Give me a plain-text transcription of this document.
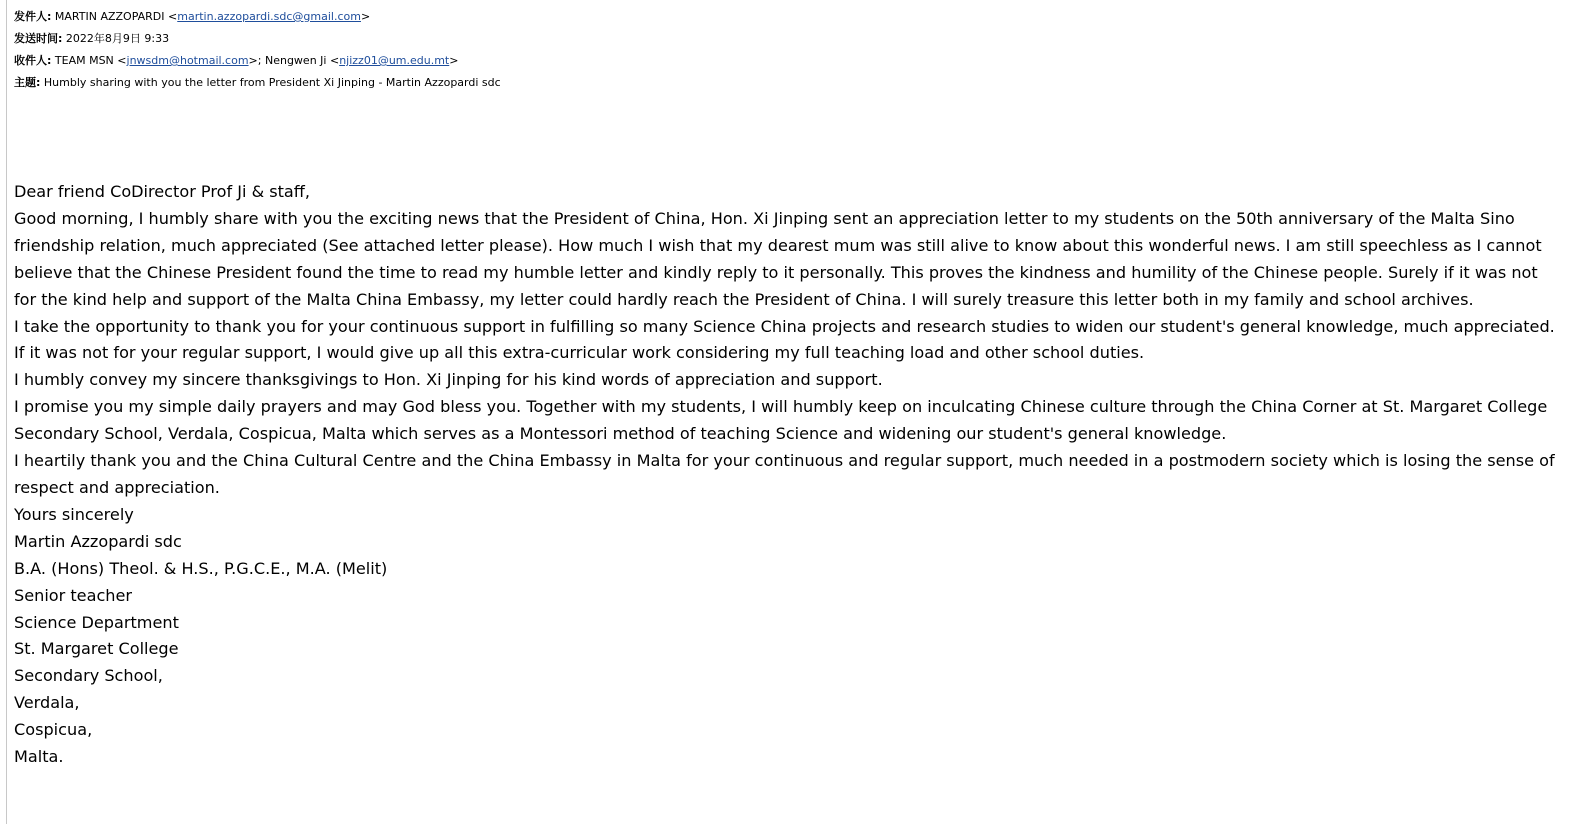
发件人: MARTIN AZZOPARDI <martin.azzopardi.sdc@gmail.com>
发送时间: 2022年8月9日 9:33
收件人: TEAM MSN <jnwsdm@hotmail.com>; Nengwen Ji <njizz01@um.edu.mt>
主题: Humbly sharing with you the letter from President Xi Jinping - Martin Azzopardi sdc

Dear friend CoDirector Prof Ji & staff,

Good morning, I humbly share with you the exciting news that the President of China, Hon. Xi Jinping sent an appreciation letter to my students on the 50th anniversary of the Malta Sino friendship relation, much appreciated (See attached letter please). How much I wish that my dearest mum was still alive to know about this wonderful news. I am still speechless as I cannot believe that the Chinese President found the time to read my humble letter and kindly reply to it personally. This proves the kindness and humility of the Chinese people. Surely if it was not for the kind help and support of the Malta China Embassy, my letter could hardly reach the President of China. I will surely treasure this letter both in my family and school archives.

I take the opportunity to thank you for your continuous support in fulfilling so many Science China projects and research studies to widen our student's general knowledge, much appreciated. If it was not for your regular support, I would give up all this extra-curricular work considering my full teaching load and other school duties.

I humbly convey my sincere thanksgivings to Hon. Xi Jinping for his kind words of appreciation and support.

I promise you my simple daily prayers and may God bless you. Together with my students, I will humbly keep on inculcating Chinese culture through the China Corner at St. Margaret College Secondary School, Verdala, Cospicua, Malta which serves as a Montessori method of teaching Science and widening our student's general knowledge.

I heartily thank you and the China Cultural Centre and the China Embassy in Malta for your continuous and regular support, much needed in a postmodern society which is losing the sense of respect and appreciation.

Yours sincerely

Martin Azzopardi sdc

B.A. (Hons) Theol. & H.S., P.G.C.E., M.A. (Melit)

Senior teacher

Science Department

St. Margaret College

Secondary School,

Verdala,

Cospicua,

Malta.
